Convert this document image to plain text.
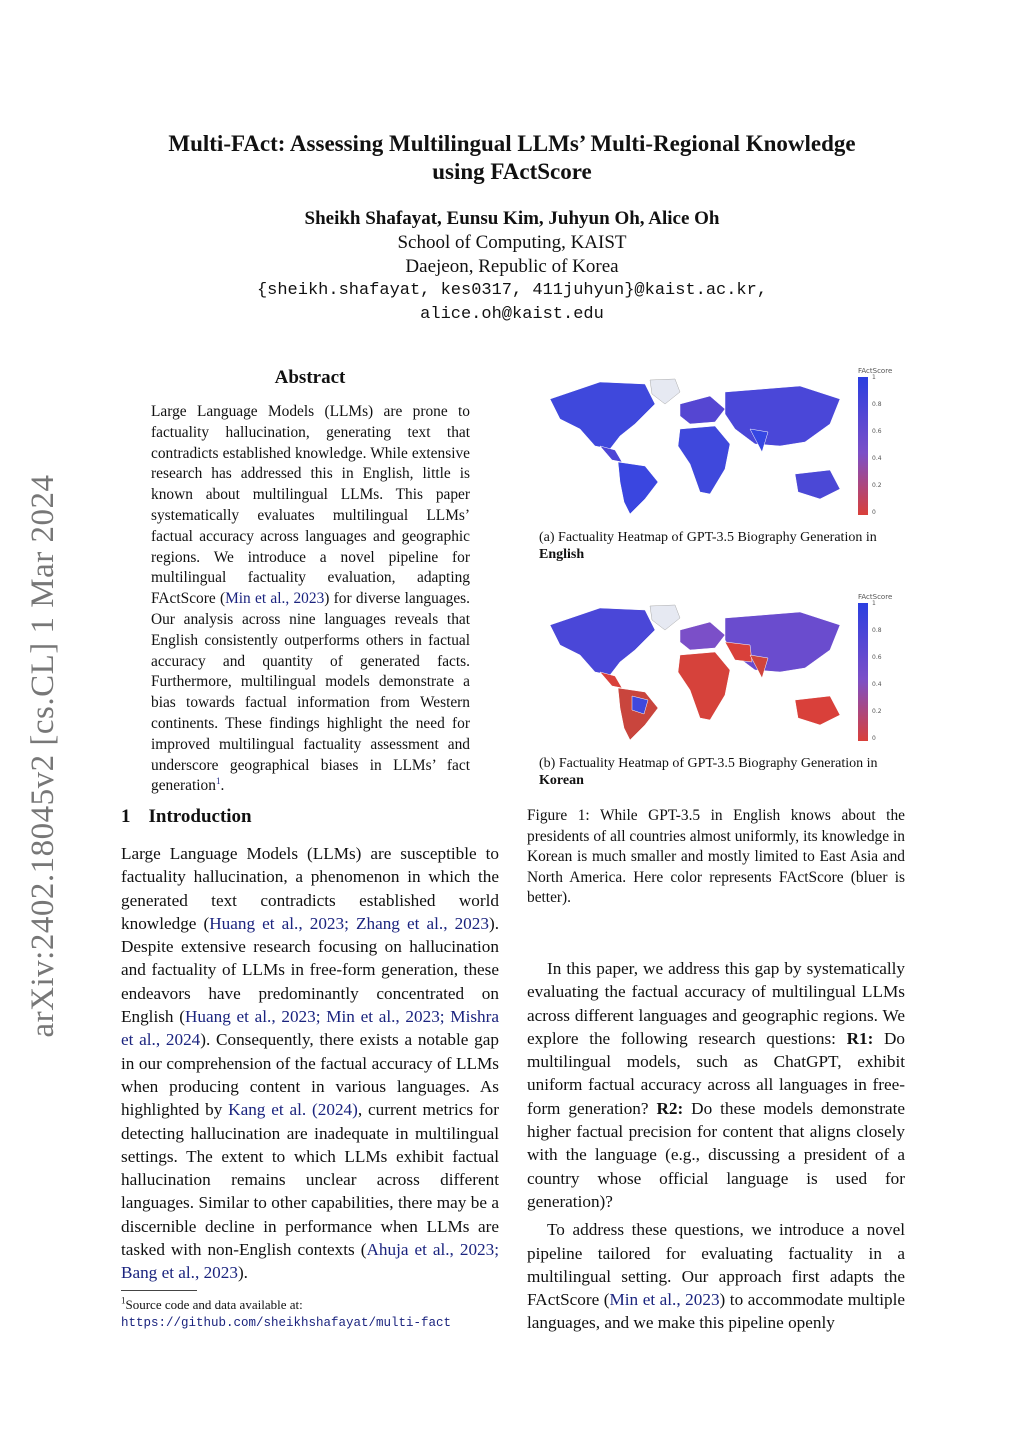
Multi-FAct: Assessing Multilingual LLMs’ Multi-Regional Knowledge
using FActScore
Sheikh Shafayat, Eunsu Kim, Juhyun Oh, Alice Oh
School of Computing, KAIST
Daejeon, Republic of Korea
{sheikh.shafayat, kes0317, 411juhyun}@kaist.ac.kr,
alice.oh@kaist.edu
arXiv:2402.18045v2 [cs.CL] 1 Mar 2024
Abstract
Large Language Models (LLMs) are prone to factuality hallucination, generating text that contradicts established knowledge. While extensive research has addressed this in English, little is known about multilingual LLMs. This paper systematically evaluates multilingual LLMs’ factual accuracy across languages and geographic regions. We introduce a novel pipeline for multilingual factuality evaluation, adapting FActScore (Min et al., 2023) for diverse languages. Our analysis across nine languages reveals that English consistently outperforms others in factual accuracy and quantity of generated facts. Furthermore, multilingual models demonstrate a bias towards factual information from Western continents. These findings highlight the need for improved multilingual factuality assessment and underscore geographical biases in LLMs’ fact generation$^1$.
1 Introduction
Large Language Models (LLMs) are susceptible to factuality hallucination, a phenomenon in which the generated text contradicts established world knowledge (Huang et al., 2023; Zhang et al., 2023). Despite extensive research focusing on hallucination and factuality of LLMs in free-form generation, these endeavors have predominantly concentrated on English (Huang et al., 2023; Min et al., 2023; Mishra et al., 2024). Consequently, there exists a notable gap in our comprehension of the factual accuracy of LLMs when producing content in various languages. As highlighted by Kang et al. (2024), current metrics for detecting hallucination are inadequate in multilingual settings. The extent to which LLMs exhibit factual hallucination remains unclear across different languages. Similar to other capabilities, there may be a discernible decline in performance when LLMs are tasked with non-English contexts (Ahuja et al., 2023; Bang et al., 2023).
$^1$Source code and data available at: https://github.com/sheikhshafayat/multi-fact
FActScore
1
0.8
0.6
0.4
0.2
0
(a) Factuality Heatmap of GPT-3.5 Biography Generation in English
FActScore
1
0.8
0.6
0.4
0.2
0
(b) Factuality Heatmap of GPT-3.5 Biography Generation in Korean
Figure 1: While GPT-3.5 in English knows about the presidents of all countries almost uniformly, its knowledge in Korean is much smaller and mostly limited to East Asia and North America. Here color represents FActScore (bluer is better).

In this paper, we address this gap by systematically evaluating the factual accuracy of multilingual LLMs across different languages and geographic regions. We explore the following research questions: R1: Do multilingual models, such as ChatGPT, exhibit uniform factual accuracy across all languages in free-form generation? R2: Do these models demonstrate higher factual precision for content that aligns closely with the language (e.g., discussing a president of a country whose official language is used for generation)?

To address these questions, we introduce a novel pipeline tailored for evaluating factuality in a multilingual setting. Our approach first adapts the FActScore (Min et al., 2023) to accommodate multiple languages, and we make this pipeline openly
